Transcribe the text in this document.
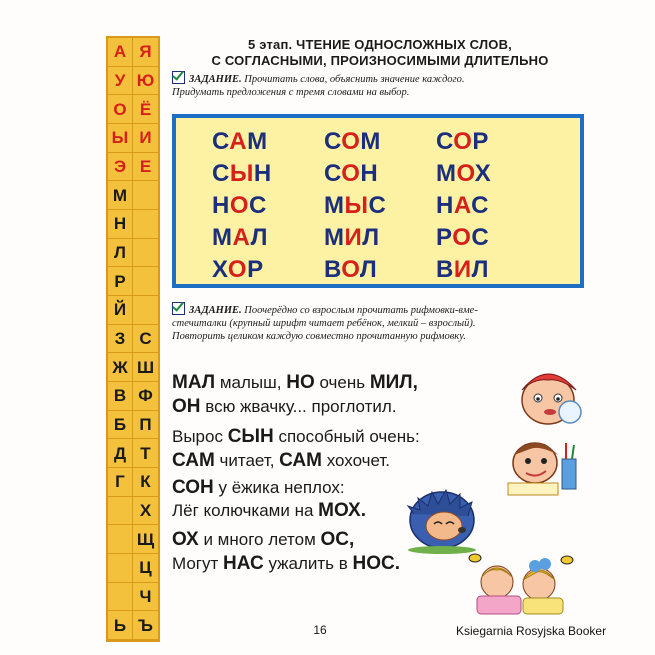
А Я
У Ю
О Ё
Ы И
Э Е
М
Н
Л
Р
Й
З С
Ж Ш
В Ф
Б П
Д Т
Г К
Х
Щ
Ц
Ч
Ь Ъ
5 этап. ЧТЕНИЕ ОДНОСЛОЖНЫХ СЛОВ,
С СОГЛАСНЫМИ, ПРОИЗНОСИМЫМИ ДЛИТЕЛЬНО
ЗАДАНИЕ. Прочитать слова, объяснить значение каждого.
Придумать предложения с тремя словами на выбор.
САМ СОМ СОР
СЫН СОН МОХ
НОС МЫС НАС
МАЛ МИЛ РОС
ХОР	ВОЛ ВИЛ
ЗАДАНИЕ. Поочерёдно со взрослым прочитать рифмовки-вме-
стечиталки (крупный шрифт читает ребёнок, мелкий – взрослый).
Повторить целиком каждую совместно прочитанную рифмовку.
МАЛ малыш, НО очень МИЛ,
ОН всю жвачку... проглотил.
Вырос СЫН способный очень:
САМ читает, САМ хохочет.
СОН у ёжика неплох:
Лёг колючками на МОХ.
ОХ и много летом ОС,
Могут НАС ужалить в НОС.
16	Ksiegarnia Rosyjska Booker
